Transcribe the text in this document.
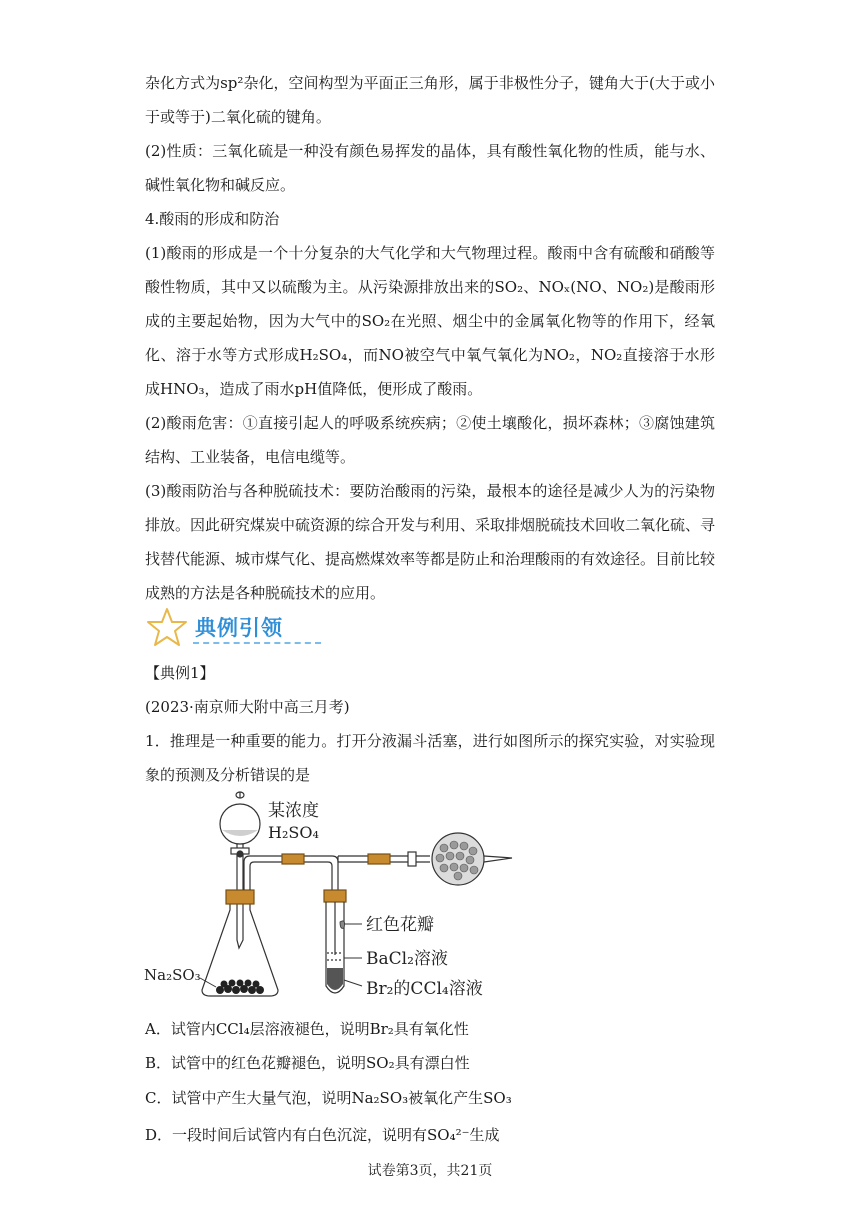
杂化方式为sp²杂化，空间构型为平面正三角形，属于非极性分子，键角大于(大于或小于或等于)二氧化硫的键角。

(2)性质：三氧化硫是一种没有颜色易挥发的晶体，具有酸性氧化物的性质，能与水、碱性氧化物和碱反应。

4.酸雨的形成和防治

(1)酸雨的形成是一个十分复杂的大气化学和大气物理过程。酸雨中含有硫酸和硝酸等酸性物质，其中又以硫酸为主。从污染源排放出来的SO₂、NOₓ(NO、NO₂)是酸雨形成的主要起始物，因为大气中的SO₂在光照、烟尘中的金属氧化物等的作用下，经氧化、溶于水等方式形成H₂SO₄，而NO被空气中氧气氧化为NO₂，NO₂直接溶于水形成HNO₃，造成了雨水pH值降低，便形成了酸雨。

(2)酸雨危害：①直接引起人的呼吸系统疾病；②使土壤酸化，损坏森林；③腐蚀建筑结构、工业装备，电信电缆等。

(3)酸雨防治与各种脱硫技术：要防治酸雨的污染，最根本的途径是减少人为的污染物排放。因此研究煤炭中硫资源的综合开发与利用、采取排烟脱硫技术回收二氧化硫、寻找替代能源、城市煤气化、提高燃煤效率等都是防止和治理酸雨的有效途径。目前比较成熟的方法是各种脱硫技术的应用。

典例引领
【典例1】
(2023·南京师大附中高三月考)

1．推理是一种重要的能力。打开分液漏斗活塞，进行如图所示的探究实验，对实验现象的预测及分析错误的是

某浓度
H₂SO₄
Na₂SO₃
红色花瓣
BaCl₂溶液
Br₂的CCl₄溶液
A．试管内CCl₄层溶液褪色，说明Br₂具有氧化性
B．试管中的红色花瓣褪色，说明SO₂具有漂白性
C．试管中产生大量气泡，说明Na₂SO₃被氧化产生SO₃
D．一段时间后试管内有白色沉淀，说明有SO₄²⁻生成
试卷第3页，共21页
